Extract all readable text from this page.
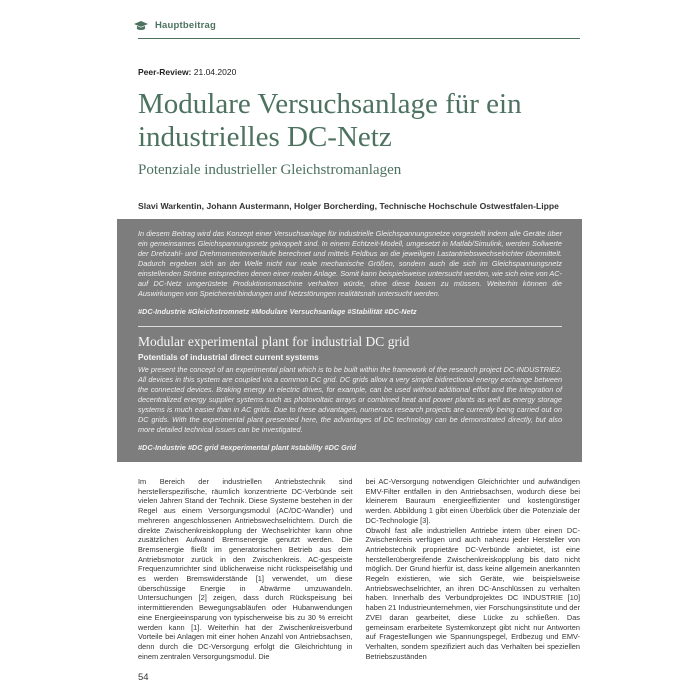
Hauptbeitrag
Peer-Review: 21.04.2020
Modulare Versuchsanlage für ein industrielles DC-Netz
Potenziale industrieller Gleichstromanlagen
Slavi Warkentin, Johann Austermann, Holger Borcherding, Technische Hochschule Ostwestfalen-Lippe

In diesem Beitrag wird das Konzept einer Versuchsanlage für industrielle Gleichspannungsnetze vorgestellt indem alle Geräte über ein gemeinsames Gleichspannungsnetz gekoppelt sind. In einem Echtzeit-Modell, umgesetzt in Matlab/Simulink, werden Sollwerte der Drehzahl- und Drehmomentenverläufe berechnet und mittels Feldbus an die jeweiligen Lastantriebswechselrichter übermittelt. Dadurch ergeben sich an der Welle nicht nur reale mechanische Größen, sondern auch die sich im Gleichspannungsnetz einstellenden Ströme entsprechen denen einer realen Anlage. Somit kann beispielsweise untersucht werden, wie sich eine von AC- auf DC-Netz umgerüstete Produktionsmaschine verhalten würde, ohne diese bauen zu müssen. Weiterhin können die Auswirkungen von Speichereinbindungen und Netzstörungen realitätsnah untersucht werden.

#DC-Industrie #Gleichstromnetz #Modulare Versuchsanlage #Stabilität #DC-Netz
Modular experimental plant for industrial DC grid
Potentials of industrial direct current systems

We present the concept of an experimental plant which is to be built within the framework of the research project DC-INDUSTRIE2. All devices in this system are coupled via a common DC grid. DC grids allow a very simple bidirectional energy exchange between the connected devices. Braking energy in electric drives, for example, can be used without additional effort and the integration of decentralized energy supplier systems such as photovoltaic arrays or combined heat and power plants as well as energy storage systems is much easier than in AC grids. Due to these advantages, numerous research projects are currently being carried out on DC grids. With the experimental plant presented here, the advantages of DC technology can be demonstrated directly, but also more detailed technical issues can be investigated.

#DC-Industrie #DC grid #experimental plant #stability #DC Grid

Im Bereich der industriellen Antriebstechnik sind herstellerspezifische, räumlich konzentrierte DC-Verbünde seit vielen Jahren Stand der Technik. Diese Systeme bestehen in der Regel aus einem Versorgungsmodul (AC/DC-Wandler) und mehreren angeschlossenen Antriebswechselrichtern. Durch die direkte Zwischenkreiskopplung der Wechselrichter kann ohne zusätzlichen Aufwand Bremsenergie genutzt werden. Die Bremsenergie fließt im generatorischen Betrieb aus dem Antriebsmotor zurück in den Zwischenkreis. AC-gespeiste Frequenzumrichter sind üblicherweise nicht rückspeisefähig und es werden Bremswiderstände [1] verwendet, um diese überschüssige Energie in Abwärme umzuwandeln. Untersuchungen [2] zeigen, dass durch Rückspeisung bei intermittierenden Bewegungsabläufen oder Hubanwendungen eine Energieeinsparung von typischerweise bis zu 30 % erreicht werden kann [1]. Weiterhin hat der Zwischenkreisverbund Vorteile bei Anlagen mit einer hohen Anzahl von Antriebsachsen, denn durch die DC-Versorgung erfolgt die Gleichrichtung in einem zentralen Versorgungsmodul. Die

bei AC-Versorgung notwendigen Gleichrichter und aufwändigen EMV-Filter entfallen in den Antriebsachsen, wodurch diese bei kleinerem Bauraum energieeffizienter und kostengünstiger werden. Abbildung 1 gibt einen Überblick über die Potenziale der DC-Technologie [3].

Obwohl fast alle industriellen Antriebe intern über einen DC-Zwischenkreis verfügen und auch nahezu jeder Hersteller von Antriebstechnik proprietäre DC-Verbünde anbietet, ist eine herstellerübergreifende Zwischenkreiskopplung bis dato nicht möglich. Der Grund hierfür ist, dass keine allgemein anerkannten Regeln existieren, wie sich Geräte, wie beispielsweise Antriebswechselrichter, an ihren DC-Anschlüssen zu verhalten haben. Innerhalb des Verbundprojektes DC INDUSTRIE [10] haben 21 Industrieunternehmen, vier Forschungsinstitute und der ZVEI daran gearbeitet, diese Lücke zu schließen. Das gemeinsam erarbeitete Systemkonzept gibt nicht nur Antworten auf Fragestellungen wie Spannungspegel, Erdbezug und EMV-Verhalten, sondern spezifiziert auch das Verhalten bei speziellen Betriebszuständen

54
